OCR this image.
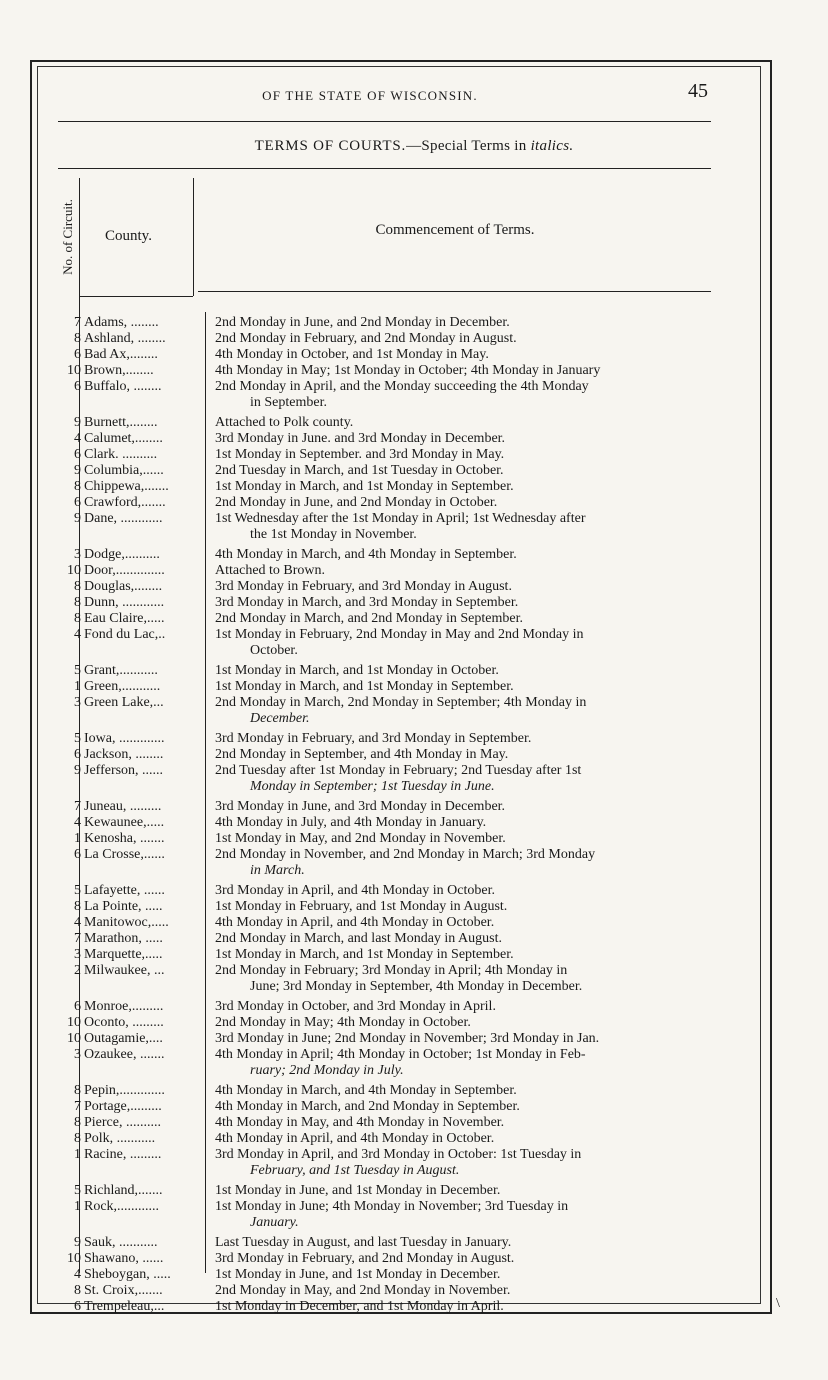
OF THE STATE OF WISCONSIN.	45
TERMS OF COURTS.—Special Terms in italics.
No. of Circuit. County.	Commencement of Terms.
7 Adams, ........	2nd Monday in June, and 2nd Monday in December.
8 Ashland, ........	2nd Monday in February, and 2nd Monday in August.
6 Bad Ax,........	4th Monday in October, and 1st Monday in May.
10 Brown,........	4th Monday in May; 1st Monday in October; 4th Monday in January
6 Buffalo, ........	2nd Monday in April, and the Monday succeeding the 4th Monday
in September.
9 Burnett,........	Attached to Polk county.
4 Calumet,........	3rd Monday in June. and 3rd Monday in December.
6 Clark. ..........	1st Monday in September. and 3rd Monday in May.
9 Columbia,......	2nd Tuesday in March, and 1st Tuesday in October.
8 Chippewa,.......	1st Monday in March, and 1st Monday in September.
6 Crawford,.......	2nd Monday in June, and 2nd Monday in October.
9 Dane, ............	1st Wednesday after the 1st Monday in April; 1st Wednesday after
the 1st Monday in November.
3 Dodge,..........	4th Monday in March, and 4th Monday in September.
10 Door,..............	Attached to Brown.
8 Douglas,........	3rd Monday in February, and 3rd Monday in August.
8 Dunn, ............	3rd Monday in March, and 3rd Monday in September.
8 Eau Claire,.....	2nd Monday in March, and 2nd Monday in September.
4 Fond du Lac,..	1st Monday in February, 2nd Monday in May and 2nd Monday in
October.
5 Grant,...........	1st Monday in March, and 1st Monday in October.
1 Green,...........	1st Monday in March, and 1st Monday in September.
3 Green Lake,...	2nd Monday in March, 2nd Monday in September; 4th Monday in
December.
5 Iowa, .............	3rd Monday in February, and 3rd Monday in September.
6 Jackson, ........	2nd Monday in September, and 4th Monday in May.
9 Jefferson, ......	2nd Tuesday after 1st Monday in February; 2nd Tuesday after 1st
Monday in September; 1st Tuesday in June.
7 Juneau, .........	3rd Monday in June, and 3rd Monday in December.
4 Kewaunee,.....	4th Monday in July, and 4th Monday in January.
1 Kenosha, .......	1st Monday in May, and 2nd Monday in November.
6 La Crosse,......	2nd Monday in November, and 2nd Monday in March; 3rd Monday
in March.
5 Lafayette, ......	3rd Monday in April, and 4th Monday in October.
8 La Pointe, .....	1st Monday in February, and 1st Monday in August.
4 Manitowoc,.....	4th Monday in April, and 4th Monday in October.
7 Marathon, .....	2nd Monday in March, and last Monday in August.
3 Marquette,.....	1st Monday in March, and 1st Monday in September.
2 Milwaukee, ...	2nd Monday in February; 3rd Monday in April; 4th Monday in
June; 3rd Monday in September, 4th Monday in December.
6 Monroe,.........	3rd Monday in October, and 3rd Monday in April.
10 Oconto, .........	2nd Monday in May; 4th Monday in October.
10 Outagamie,....	3rd Monday in June; 2nd Monday in November; 3rd Monday in Jan.
3 Ozaukee, .......	4th Monday in April; 4th Monday in October; 1st Monday in Feb-
ruary; 2nd Monday in July.
8 Pepin,.............	4th Monday in March, and 4th Monday in September.
7 Portage,.........	4th Monday in March, and 2nd Monday in September.
8 Pierce, ..........	4th Monday in May, and 4th Monday in November.
8 Polk, ...........	4th Monday in April, and 4th Monday in October.
1 Racine, .........	3rd Monday in April, and 3rd Monday in October: 1st Tuesday in
February, and 1st Tuesday in August.
5 Richland,.......	1st Monday in June, and 1st Monday in December.
1 Rock,............	1st Monday in June; 4th Monday in November; 3rd Tuesday in
January.
9 Sauk, ...........	Last Tuesday in August, and last Tuesday in January.
10 Shawano, ......	3rd Monday in February, and 2nd Monday in August.
4 Sheboygan, .....	1st Monday in June, and 1st Monday in December.
8 St. Croix,.......	2nd Monday in May, and 2nd Monday in November.
6 Trempeleau,...	1st Monday in December, and 1st Monday in April.	\
